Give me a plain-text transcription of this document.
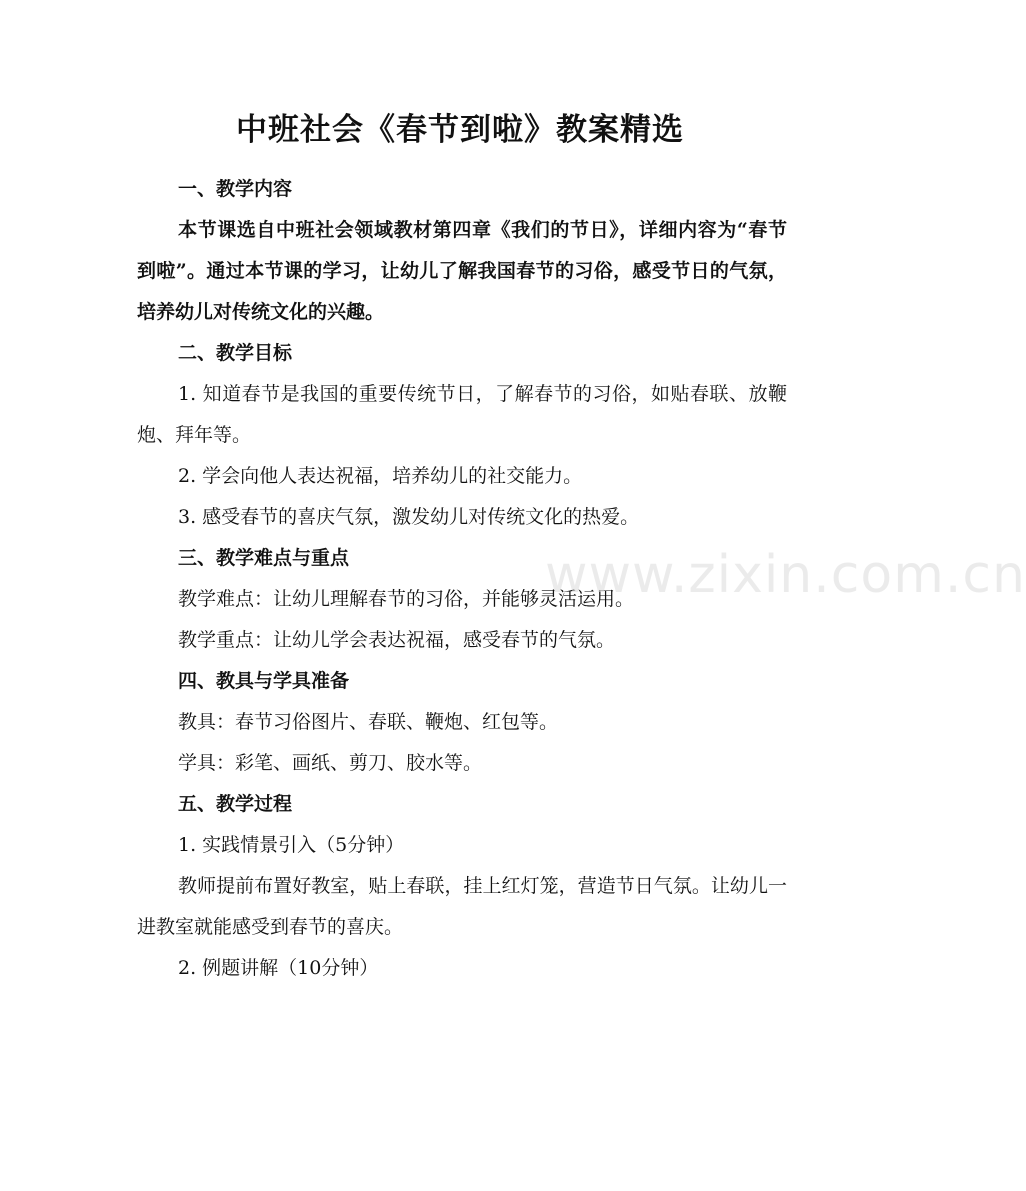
中班社会《春节到啦》教案精选

一、教学内容

本节课选自中班社会领域教材第四章《我们的节日》，详细内容为“春节到啦”。通过本节课的学习，让幼儿了解我国春节的习俗，感受节日的气氛，培养幼儿对传统文化的兴趣。

二、教学目标

1. 知道春节是我国的重要传统节日，了解春节的习俗，如贴春联、放鞭炮、拜年等。

2. 学会向他人表达祝福，培养幼儿的社交能力。

3. 感受春节的喜庆气氛，激发幼儿对传统文化的热爱。

三、教学难点与重点

教学难点：让幼儿理解春节的习俗，并能够灵活运用。

教学重点：让幼儿学会表达祝福，感受春节的气氛。

四、教具与学具准备

教具：春节习俗图片、春联、鞭炮、红包等。

学具：彩笔、画纸、剪刀、胶水等。

五、教学过程

1. 实践情景引入（5分钟）

教师提前布置好教室，贴上春联，挂上红灯笼，营造节日气氛。让幼儿一进教室就能感受到春节的喜庆。

2. 例题讲解（10分钟）

www.zixin.com.cn
